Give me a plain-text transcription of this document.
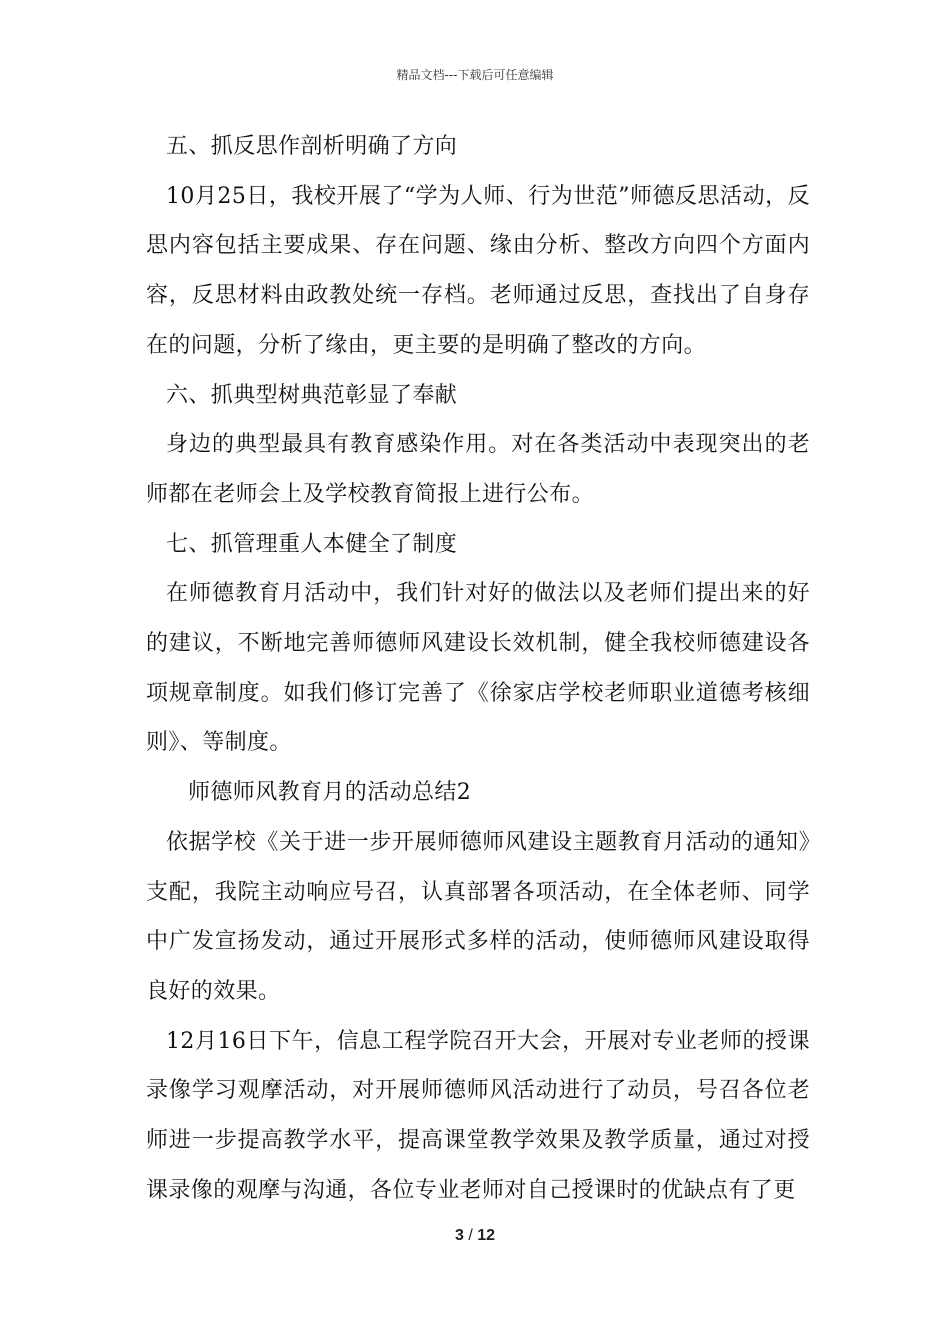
精品文档---下载后可任意编辑

五、抓反思作剖析明确了方向

10月25日，我校开展了“学为人师、行为世范”师德反思活动，反思内容包括主要成果、存在问题、缘由分析、整改方向四个方面内容，反思材料由政教处统一存档。老师通过反思，查找出了自身存在的问题，分析了缘由，更主要的是明确了整改的方向。

六、抓典型树典范彰显了奉献

身边的典型最具有教育感染作用。对在各类活动中表现突出的老师都在老师会上及学校教育简报上进行公布。

七、抓管理重人本健全了制度

在师德教育月活动中，我们针对好的做法以及老师们提出来的好的建议，不断地完善师德师风建设长效机制，健全我校师德建设各项规章制度。如我们修订完善了《徐家店学校老师职业道德考核细则》、等制度。

师德师风教育月的活动总结2

依据学校《关于进一步开展师德师风建设主题教育月活动的通知》支配，我院主动响应号召，认真部署各项活动，在全体老师、同学中广发宣扬发动，通过开展形式多样的活动，使师德师风建设取得良好的效果。

12月16日下午，信息工程学院召开大会，开展对专业老师的授课录像学习观摩活动，对开展师德师风活动进行了动员，号召各位老师进一步提高教学水平，提高课堂教学效果及教学质量，通过对授课录像的观摩与沟通，各位专业老师对自己授课时的优缺点有了更

3 / 12
